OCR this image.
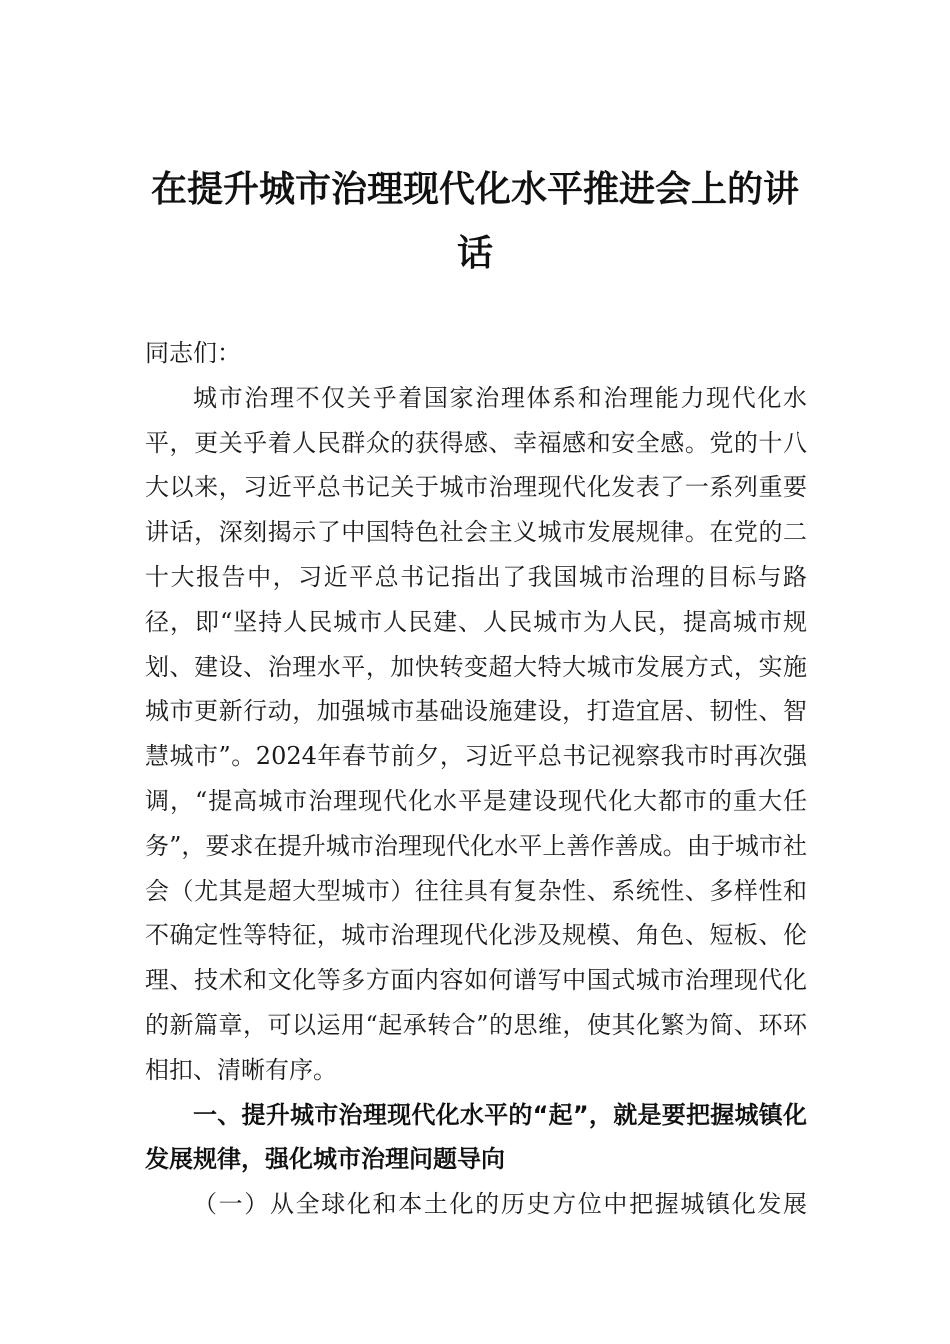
在提升城市治理现代化水平推进会上的讲话

同志们：

城市治理不仅关乎着国家治理体系和治理能力现代化水平，更关乎着人民群众的获得感、幸福感和安全感。党的十八大以来，习近平总书记关于城市治理现代化发表了一系列重要讲话，深刻揭示了中国特色社会主义城市发展规律。在党的二十大报告中，习近平总书记指出了我国城市治理的目标与路径，即“坚持人民城市人民建、人民城市为人民，提高城市规划、建设、治理水平，加快转变超大特大城市发展方式，实施城市更新行动，加强城市基础设施建设，打造宜居、韧性、智慧城市”。2024年春节前夕，习近平总书记视察我市时再次强调，“提高城市治理现代化水平是建设现代化大都市的重大任务”，要求在提升城市治理现代化水平上善作善成。由于城市社会（尤其是超大型城市）往往具有复杂性、系统性、多样性和不确定性等特征，城市治理现代化涉及规模、角色、短板、伦理、技术和文化等多方面内容如何谱写中国式城市治理现代化的新篇章，可以运用“起承转合”的思维，使其化繁为简、环环相扣、清晰有序。

一、提升城市治理现代化水平的“起”，就是要把握城镇化发展规律，强化城市治理问题导向

（一）从全球化和本土化的历史方位中把握城镇化发展
